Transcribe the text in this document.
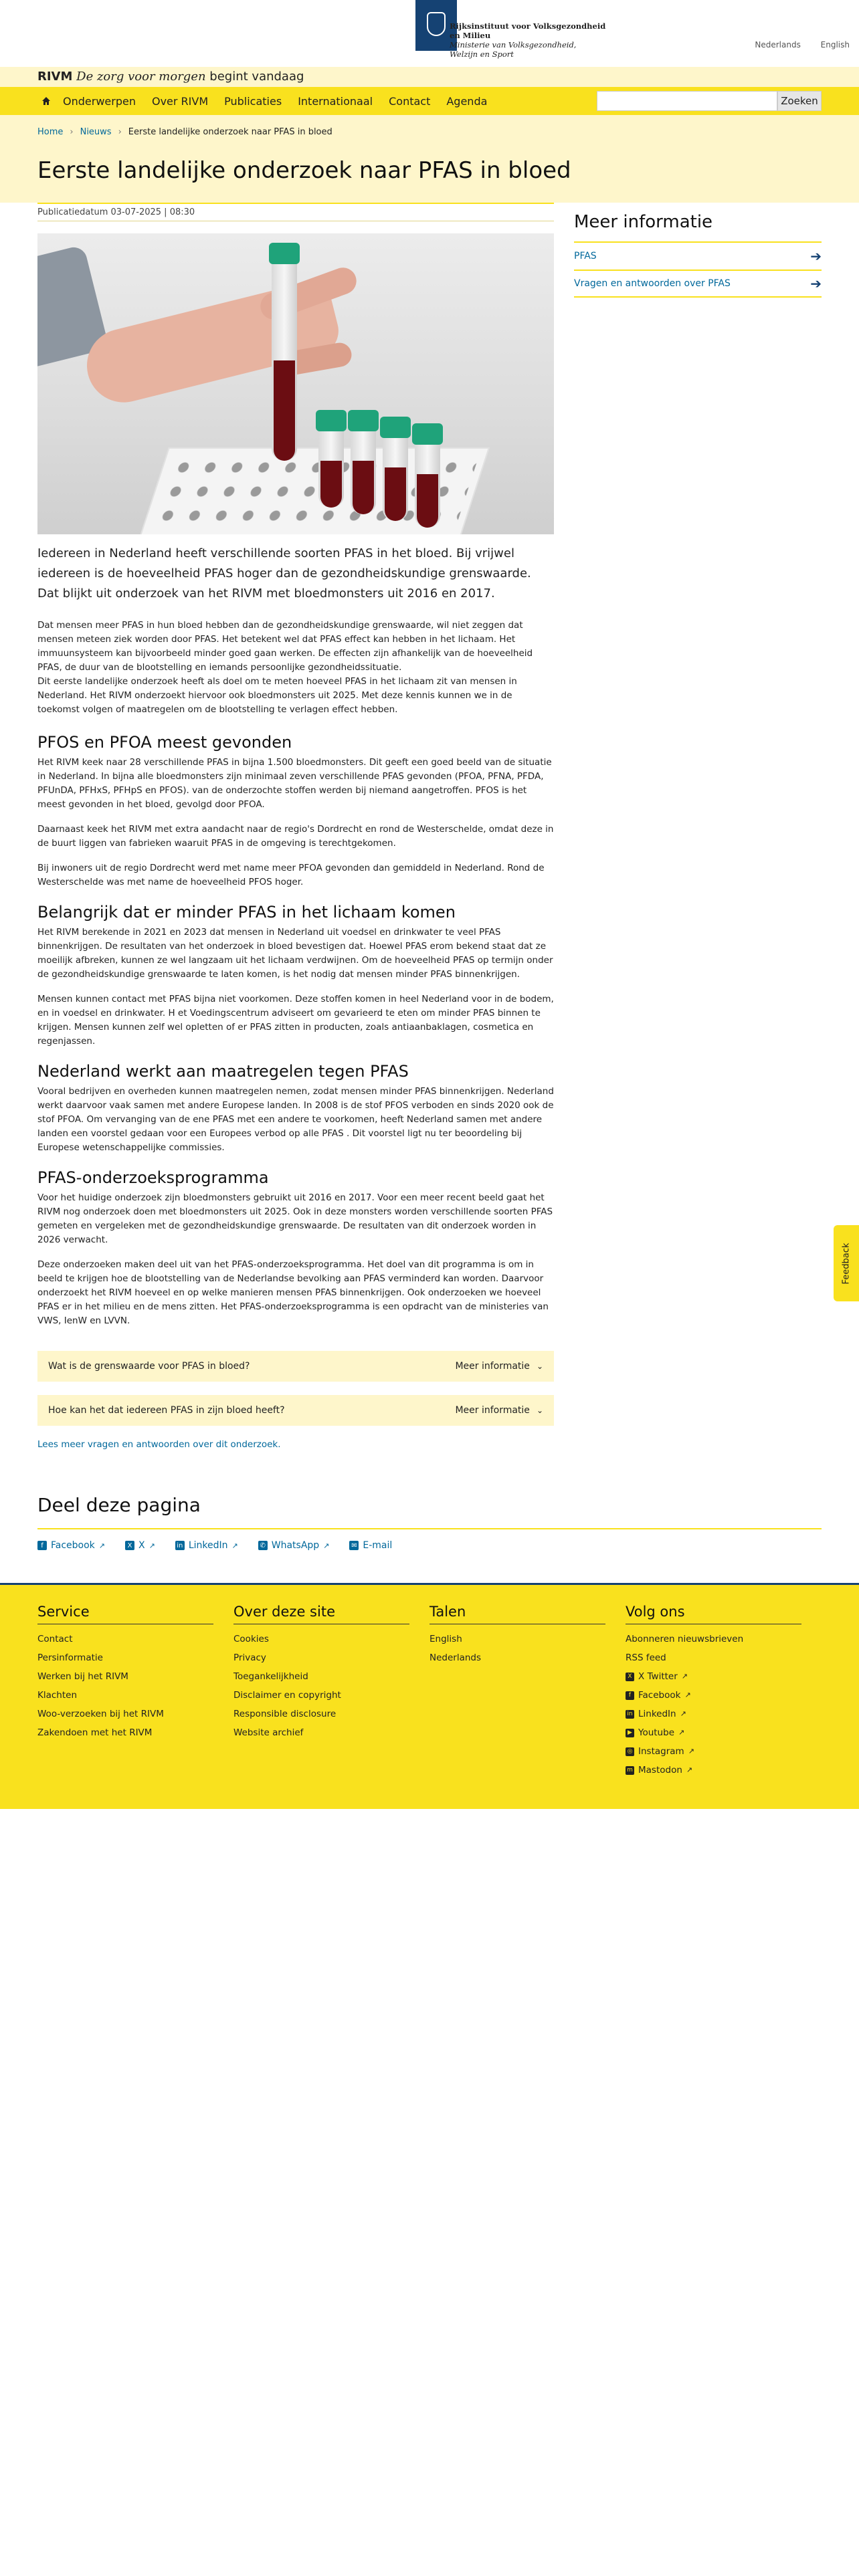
Rijksinstituut voor Volksgezondheid
en Milieu
Ministerie van Volksgezondheid,
Welzijn en Sport
Nederlands English
RIVM De zorg voor morgen begint vandaag
Onderwerpen Over RIVM Publicaties Internationaal Contact Agenda	Zoeken
Home › Nieuws › Eerste landelijke onderzoek naar PFAS in bloed
Eerste landelijke onderzoek naar PFAS in bloed
Publicatiedatum 03-07-2025 | 08:30

Iedereen in Nederland heeft verschillende soorten PFAS in het bloed. Bij vrijwel iedereen is de hoeveelheid PFAS hoger dan de gezondheidskundige grenswaarde. Dat blijkt uit onderzoek van het RIVM met bloedmonsters uit 2016 en 2017.

Dat mensen meer PFAS in hun bloed hebben dan de gezondheidskundige grenswaarde, wil niet zeggen dat mensen meteen ziek worden door PFAS. Het betekent wel dat PFAS effect kan hebben in het lichaam. Het immuunsysteem kan bijvoorbeeld minder goed gaan werken. De effecten zijn afhankelijk van de hoeveelheid PFAS, de duur van de blootstelling en iemands persoonlijke gezondheidssituatie.

Dit eerste landelijke onderzoek heeft als doel om te meten hoeveel PFAS in het lichaam zit van mensen in Nederland. Het RIVM onderzoekt hiervoor ook bloedmonsters uit 2025. Met deze kennis kunnen we in de toekomst volgen of maatregelen om de blootstelling te verlagen effect hebben.

PFOS en PFOA meest gevonden

Het RIVM keek naar 28 verschillende PFAS in bijna 1.500 bloedmonsters. Dit geeft een goed beeld van de situatie in Nederland. In bijna alle bloedmonsters zijn minimaal zeven verschillende PFAS gevonden (PFOA, PFNA, PFDA, PFUnDA, PFHxS, PFHpS en PFOS). van de onderzochte stoffen werden bij niemand aangetroffen. PFOS is het meest gevonden in het bloed, gevolgd door PFOA.

Daarnaast keek het RIVM met extra aandacht naar de regio's Dordrecht en rond de Westerschelde, omdat deze in de buurt liggen van fabrieken waaruit PFAS in de omgeving is terechtgekomen.

Bij inwoners uit de regio Dordrecht werd met name meer PFOA gevonden dan gemiddeld in Nederland. Rond de Westerschelde was met name de hoeveelheid PFOS hoger.

Belangrijk dat er minder PFAS in het lichaam komen

Het RIVM berekende in 2021 en 2023 dat mensen in Nederland uit voedsel en drinkwater te veel PFAS binnenkrijgen. De resultaten van het onderzoek in bloed bevestigen dat. Hoewel PFAS erom bekend staat dat ze moeilijk afbreken, kunnen ze wel langzaam uit het lichaam verdwijnen. Om de hoeveelheid PFAS op termijn onder de gezondheidskundige grenswaarde te laten komen, is het nodig dat mensen minder PFAS binnenkrijgen.

Mensen kunnen contact met PFAS bijna niet voorkomen. Deze stoffen komen in heel Nederland voor in de bodem, en in voedsel en drinkwater. H et Voedingscentrum adviseert om gevarieerd te eten om minder PFAS binnen te krijgen. Mensen kunnen zelf wel opletten of er PFAS zitten in producten, zoals antiaanbaklagen, cosmetica en regenjassen.

Nederland werkt aan maatregelen tegen PFAS

Vooral bedrijven en overheden kunnen maatregelen nemen, zodat mensen minder PFAS binnenkrijgen. Nederland werkt daarvoor vaak samen met andere Europese landen. In 2008 is de stof PFOS verboden en sinds 2020 ook de stof PFOA. Om vervanging van de ene PFAS met een andere te voorkomen, heeft Nederland samen met andere landen een voorstel gedaan voor een Europees verbod op alle PFAS . Dit voorstel ligt nu ter beoordeling bij Europese wetenschappelijke commissies.

PFAS-onderzoeksprogramma

Voor het huidige onderzoek zijn bloedmonsters gebruikt uit 2016 en 2017. Voor een meer recent beeld gaat het RIVM nog onderzoek doen met bloedmonsters uit 2025. Ook in deze monsters worden verschillende soorten PFAS gemeten en vergeleken met de gezondheidskundige grenswaarde. De resultaten van dit onderzoek worden in 2026 verwacht.

Deze onderzoeken maken deel uit van het PFAS-onderzoeksprogramma. Het doel van dit programma is om in beeld te krijgen hoe de blootstelling van de Nederlandse bevolking aan PFAS verminderd kan worden. Daarvoor onderzoekt het RIVM hoeveel en op welke manieren mensen PFAS binnenkrijgen. Ook onderzoeken we hoeveel PFAS er in het milieu en de mens zitten. Het PFAS-onderzoeksprogramma is een opdracht van de ministeries van VWS, IenW en LVVN.

Wat is de grenswaarde voor PFAS in bloed?	Meer informatie ⌄
Hoe kan het dat iedereen PFAS in zijn bloed heeft?	Meer informatie ⌄
Lees meer vragen en antwoorden over dit onderzoek.
Meer informatie
PFAS	➔
Vragen en antwoorden over PFAS	➔
Deel deze pagina
f Facebook ↗	X X ↗	in LinkedIn ↗	✆ WhatsApp ↗	✉ E-mail
Service
Contact
Persinformatie
Werken bij het RIVM
Klachten
Woo-verzoeken bij het RIVM
Zakendoen met het RIVM
Over deze site
Cookies
Privacy
Toegankelijkheid
Disclaimer en copyright
Responsible disclosure
Website archief
Talen
English
Nederlands
Volg ons
Abonneren nieuwsbrieven
RSS feed
X X Twitter ↗
f Facebook ↗
in LinkedIn ↗
▶ Youtube ↗
◎ Instagram ↗
m Mastodon ↗
Feedback
